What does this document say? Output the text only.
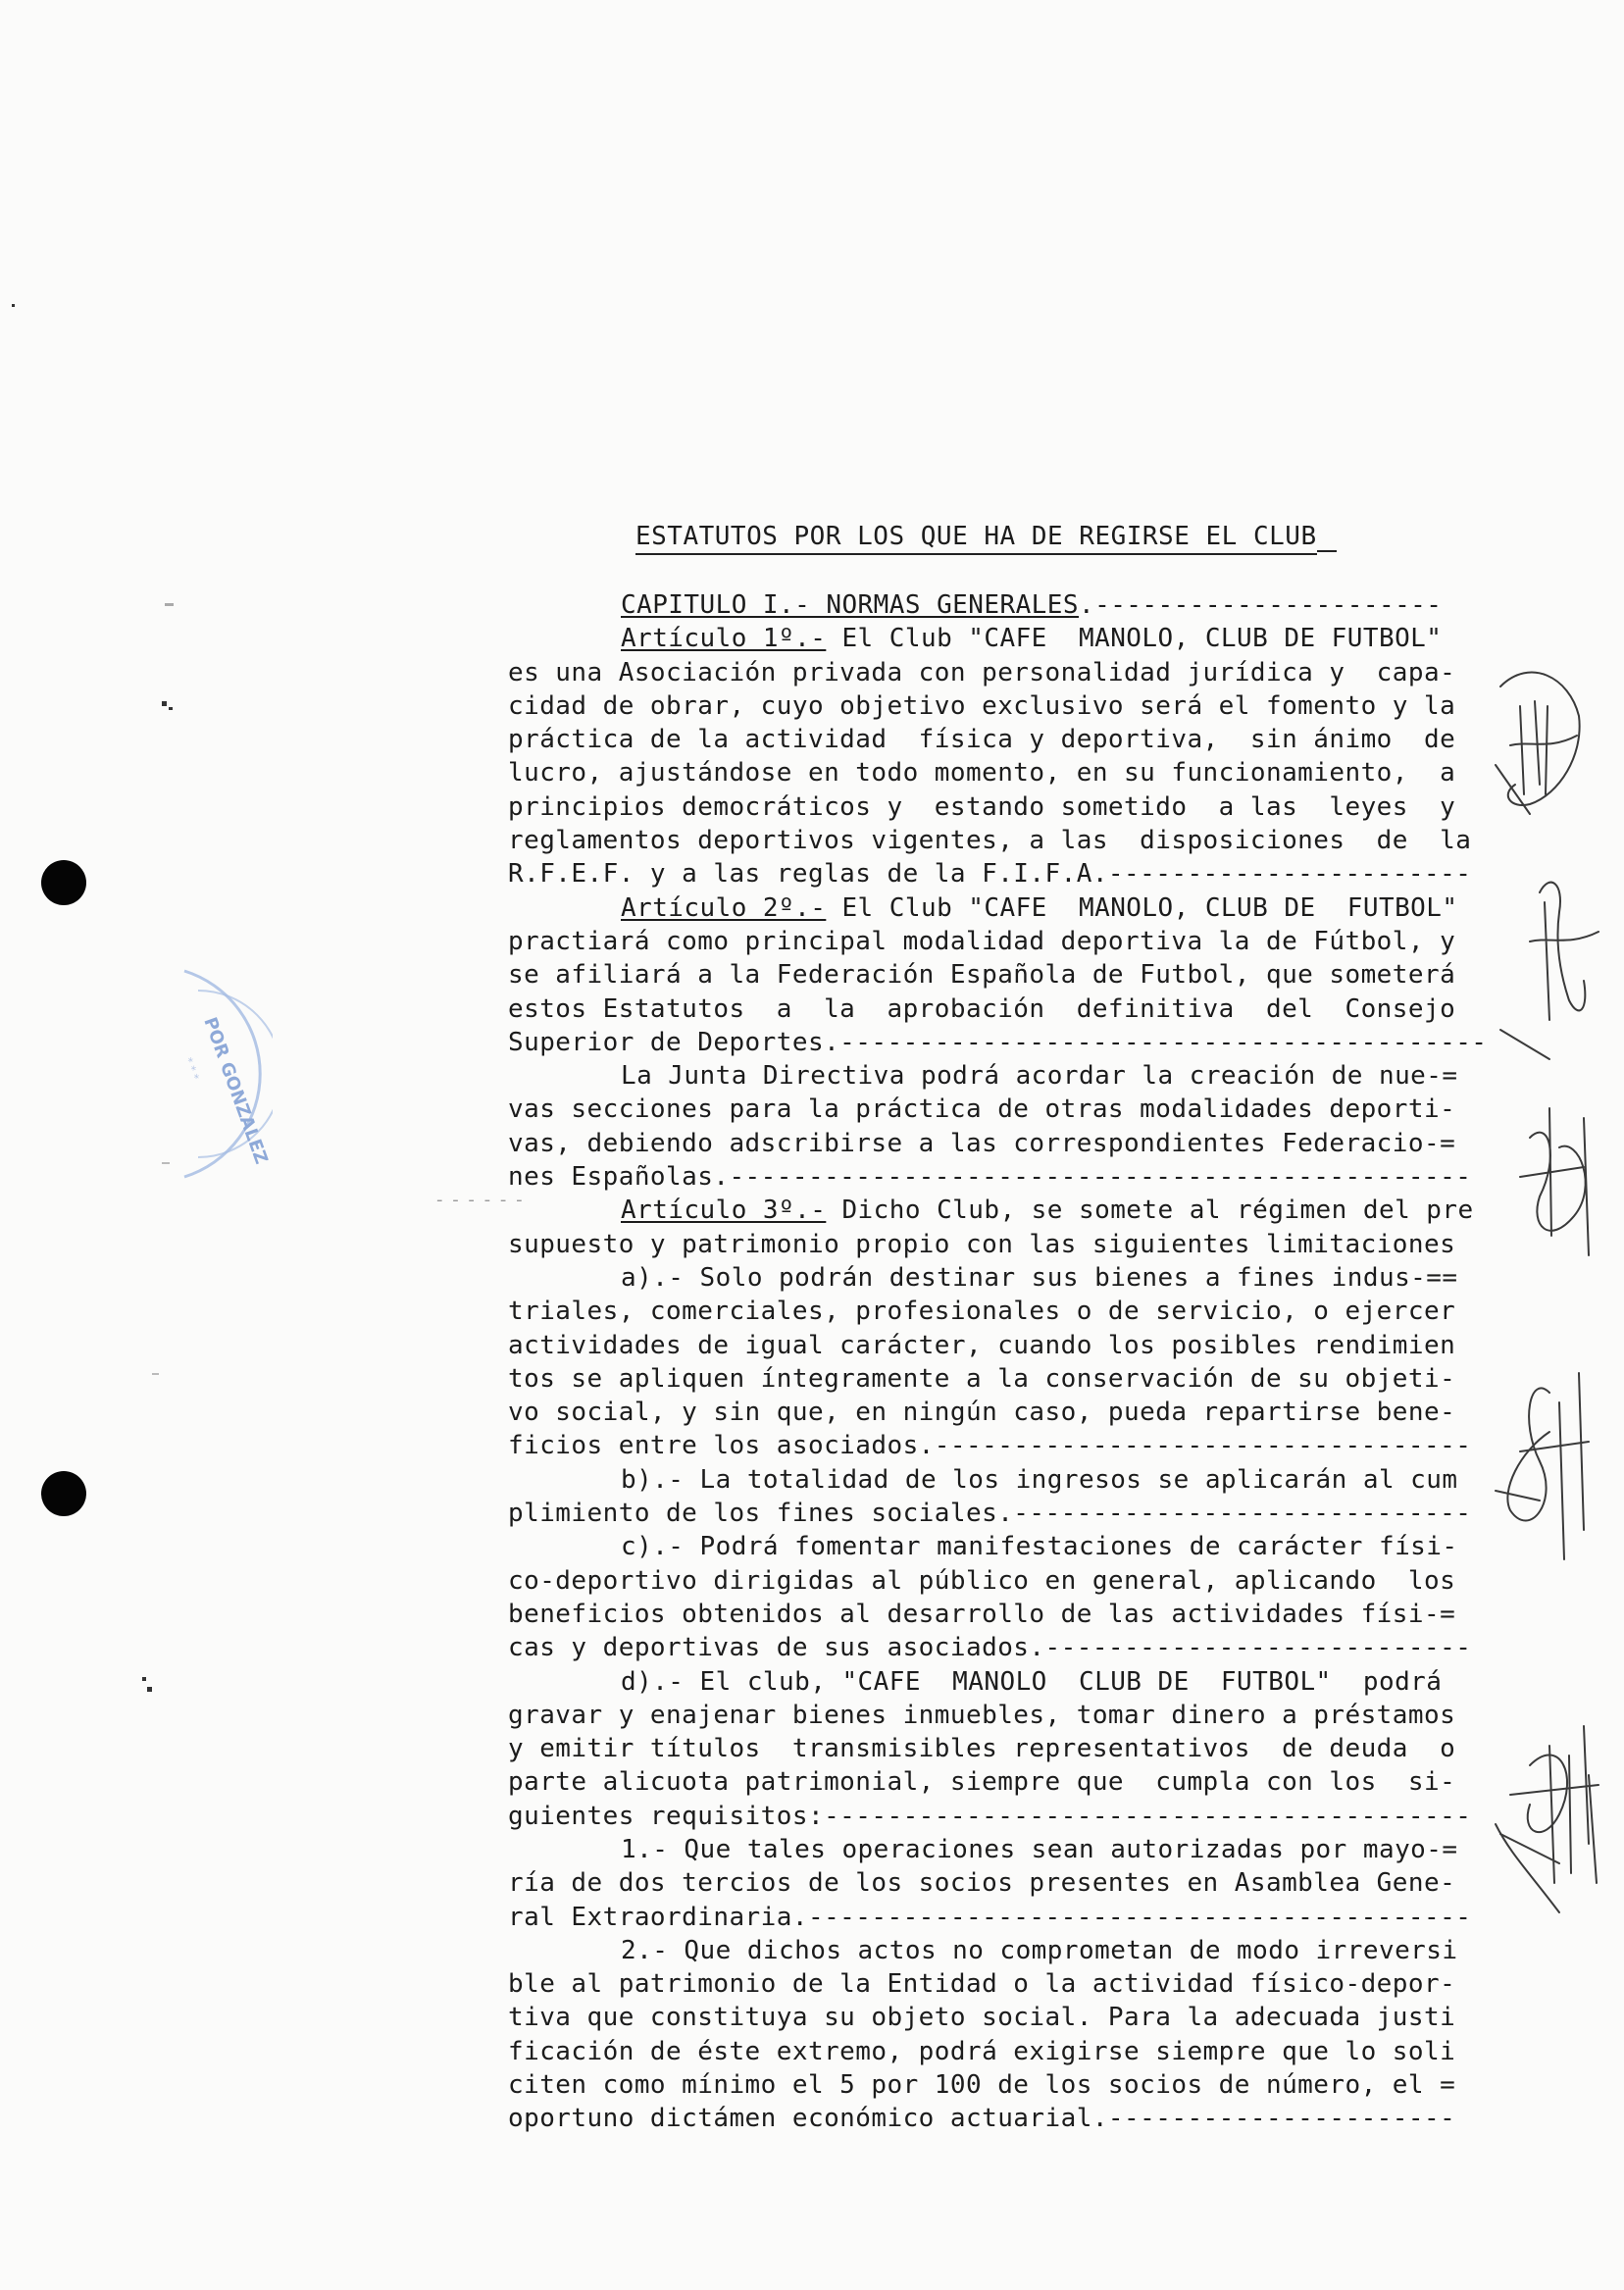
ESTATUTOS POR LOS QUE HA DE REGIRSE EL CLUB
CAPITULO I.- NORMAS GENERALES.----------------------
Artículo 1º.- El Club "CAFE  MANOLO, CLUB DE FUTBOL"
es una Asociación privada con personalidad jurídica y  capa-
cidad de obrar, cuyo objetivo exclusivo será el fomento y la
práctica de la actividad  física y deportiva,  sin ánimo  de
lucro, ajustándose en todo momento, en su funcionamiento,  a
principios democráticos y  estando sometido  a las  leyes  y
reglamentos deportivos vigentes, a las  disposiciones  de  la
R.F.E.F. y a las reglas de la F.I.F.A.-----------------------
Artículo 2º.- El Club "CAFE  MANOLO, CLUB DE  FUTBOL"
practiará como principal modalidad deportiva la de Fútbol, y
se afiliará a la Federación Española de Futbol, que someterá
estos Estatutos  a  la  aprobación  definitiva  del  Consejo
Superior de Deportes.-----------------------------------------
La Junta Directiva podrá acordar la creación de nue-=
vas secciones para la práctica de otras modalidades deporti-
vas, debiendo adscribirse a las correspondientes Federacio-=
nes Españolas.-----------------------------------------------
Artículo 3º.- Dicho Club, se somete al régimen del pre
supuesto y patrimonio propio con las siguientes limitaciones
a).- Solo podrán destinar sus bienes a fines indus-==
triales, comerciales, profesionales o de servicio, o ejercer
actividades de igual carácter, cuando los posibles rendimien
tos se apliquen íntegramente a la conservación de su objeti-
vo social, y sin que, en ningún caso, pueda repartirse bene-
ficios entre los asociados.----------------------------------
b).- La totalidad de los ingresos se aplicarán al cum
plimiento de los fines sociales.-----------------------------
c).- Podrá fomentar manifestaciones de carácter físi-
co-deportivo dirigidas al público en general, aplicando  los
beneficios obtenidos al desarrollo de las actividades físi-=
cas y deportivas de sus asociados.---------------------------
d).- El club, "CAFE  MANOLO  CLUB DE  FUTBOL"  podrá
gravar y enajenar bienes inmuebles, tomar dinero a préstamos
y emitir títulos  transmisibles representativos  de deuda  o
parte alicuota patrimonial, siempre que  cumpla con los  si-
guientes requisitos:-----------------------------------------
1.- Que tales operaciones sean autorizadas por mayo-=
ría de dos tercios de los socios presentes en Asamblea Gene-
ral Extraordinaria.------------------------------------------
2.- Que dichos actos no comprometan de modo irreversi
ble al patrimonio de la Entidad o la actividad físico-depor-
tiva que constituya su objeto social. Para la adecuada justi
ficación de éste extremo, podrá exigirse siempre que lo soli
citen como mínimo el 5 por 100 de los socios de número, el =
oportuno dictámen económico actuarial.----------------------
POR GONZALEZ
* * *
- - - - - -
